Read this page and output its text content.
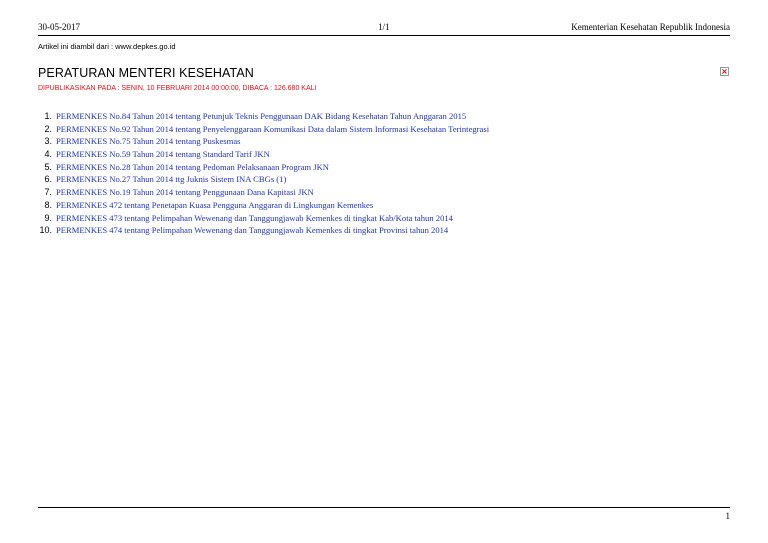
30-05-2017	1/1	Kementerian Kesehatan Republik Indonesia
Artikel ini diambil dari : www.depkes.go.id
PERATURAN MENTERI KESEHATAN
DIPUBLIKASIKAN PADA : SENIN, 10 FEBRUARI 2014 00:00:00, DIBACA : 126.680 KALI
×
1. PERMENKES No.84 Tahun 2014 tentang Petunjuk Teknis Penggunaan DAK Bidang Kesehatan Tahun Anggaran 2015
2. PERMENKES No.92 Tahun 2014 tentang Penyelenggaraan Komunikasi Data dalam Sistem Informasi Kesehatan Terintegrasi
3. PERMENKES No.75 Tahun 2014 tentang Puskesmas
4. PERMENKES No.59 Tahun 2014 tentang Standard Tarif JKN
5. PERMENKES No.28 Tahun 2014 tentang Pedoman Pelaksanaan Program JKN
6. PERMENKES No.27 Tahun 2014 ttg Juknis Sistem INA CBGs (1)
7. PERMENKES No.19 Tahun 2014 tentang Penggunaan Dana Kapitasi JKN
8. PERMENKES 472 tentang Penetapan Kuasa Pengguna Anggaran di Lingkungan Kemenkes
9. PERMENKES 473 tentang Pelimpahan Wewenang dan Tanggungjawab Kemenkes di tingkat Kab/Kota tahun 2014
10. PERMENKES 474 tentang Pelimpahan Wewenang dan Tanggungjawab Kemenkes di tingkat Provinsi tahun 2014
1
